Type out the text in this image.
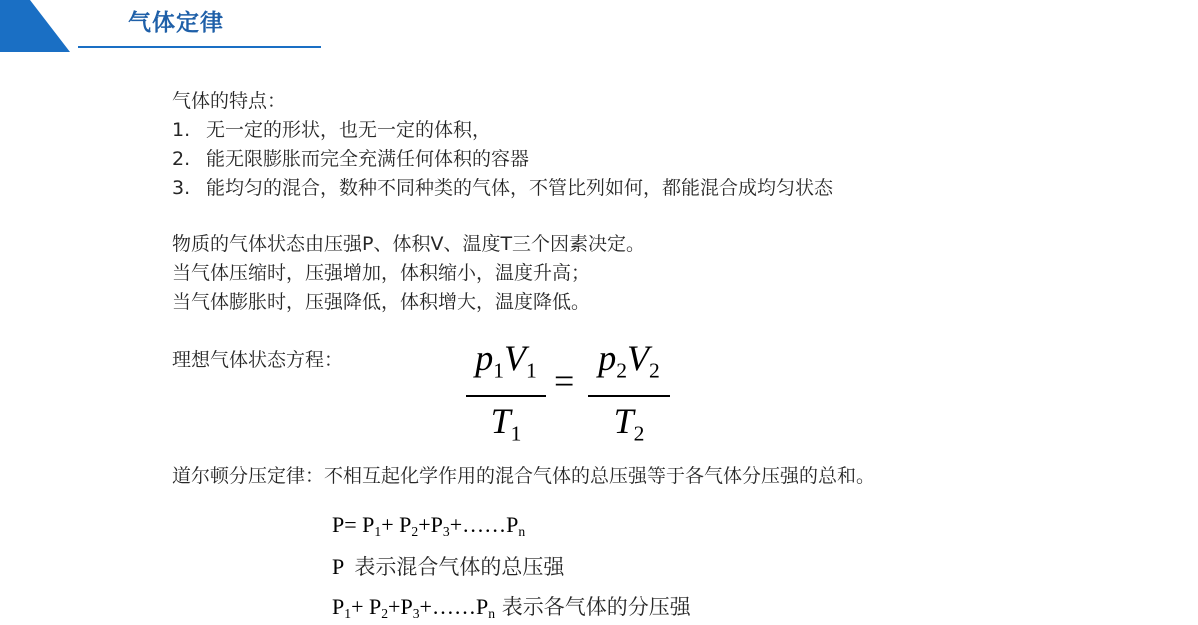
气体定律
气体的特点：
1. 无一定的形状，也无一定的体积，
2. 能无限膨胀而完全充满任何体积的容器
3. 能均匀的混合，数种不同种类的气体，不管比列如何，都能混合成均匀状态
物质的气体状态由压强P、体积V、温度T三个因素决定。
当气体压缩时，压强增加，体积缩小，温度升高；
当气体膨胀时，压强降低，体积增大，温度降低。
理想气体状态方程：	$p_1V_1$
$T_1$
=
$p_2V_2$
$T_2$
道尔顿分压定律：不相互起化学作用的混合气体的总压强等于各气体分压强的总和。
$P= P_1+$ $P_2+P_3+\dots\dots P_n$
P  表示混合气体的总压强
$P_1+$ $P_2+P_3+\dots\dots P_n$ 表示各气体的分压强
